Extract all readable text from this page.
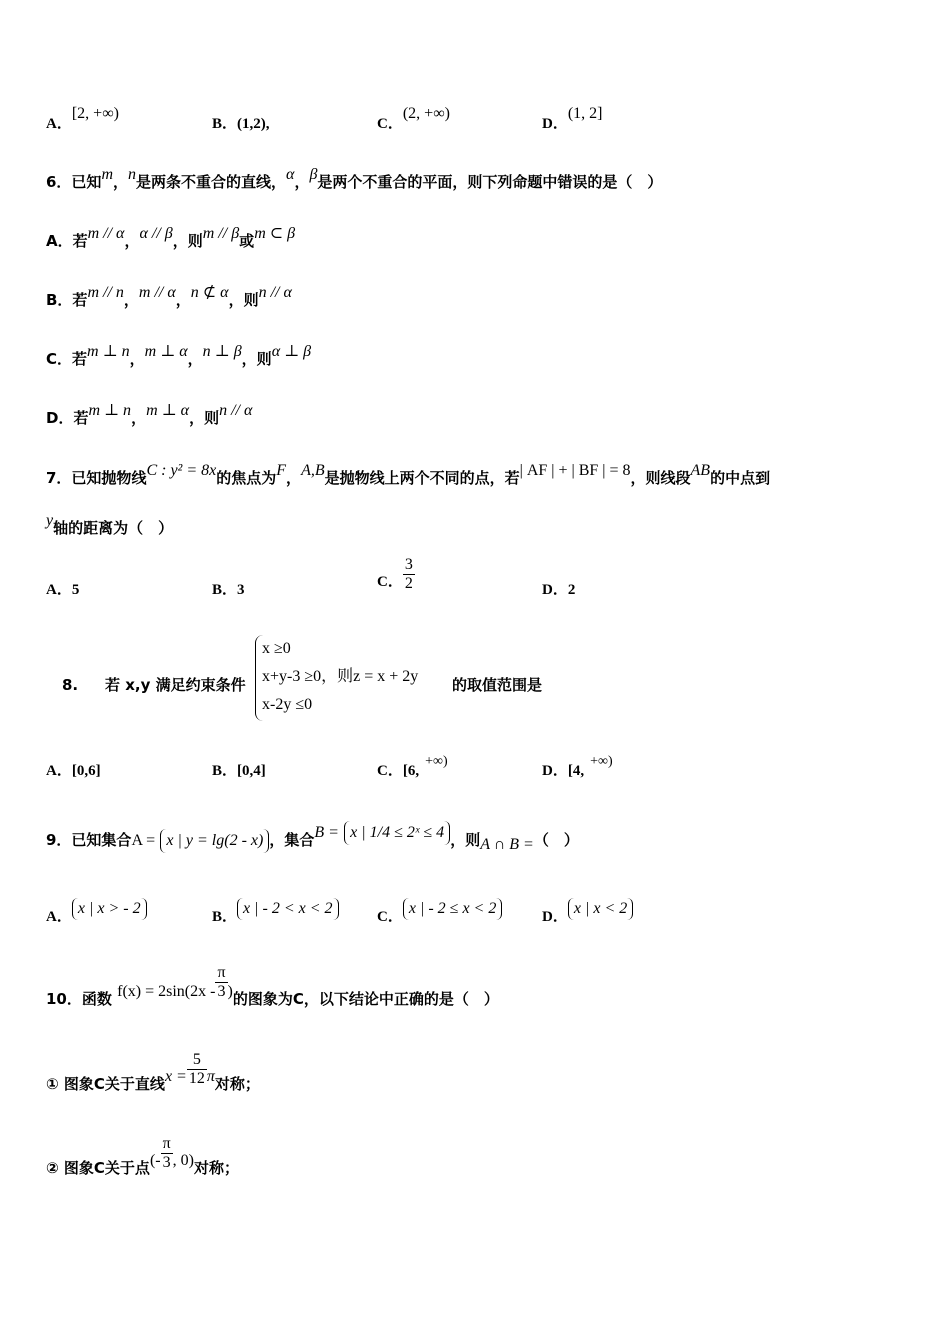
A．[2, +∞)
B．(1,2),	C．(2, +∞)
D．(1, 2]
6．已知m，n是两条不重合的直线，α，β是两个不重合的平面，则下列命题中错误的是（　）
A．若m // α，α // β，则m // β或m ⊂ β
B．若m // n，m // α，n ⊄ α，则n // α
C．若m ⊥ n，m ⊥ α，n ⊥ β，则α ⊥ β
D．若m ⊥ n，m ⊥ α，则n // α
7．已知抛物线C : y² = 8x的焦点为F，A,B是抛物线上两个不同的点，若| AF | + | BF | = 8，则线段AB的中点到
y轴的距离为（　）
A．5	B．3
C． $\frac{3}{2}$	D．2
8. 若 x,y 满足约束条件
x ≥0
x+y-3 ≥0，则z = x + 2y
x-2y ≤0
的取值范围是
A．[0,6]	B．[0,4]	C．[6,+∞)
D．[4,+∞)
9．已知集合A = x | y = lg(2 - x) ，集合B = x | 1/4 ≤ 2ˣ ≤ 4 ，则A ∩ B =（　）
A． x | x > - 2	B． x | - 2 < x < 2	C． x | - 2 ≤ x < 2	D． x | x < 2
10．函数 $f(x) = 2\sin(2x - \frac{\pi}{3}$ )的图象为C，以下结论中正确的是（　）
① 图象C关于直线$x = \frac{5}{12}$ π对称；
② 图象C关于点(- $\frac{\pi}{3}$ , 0)对称；
